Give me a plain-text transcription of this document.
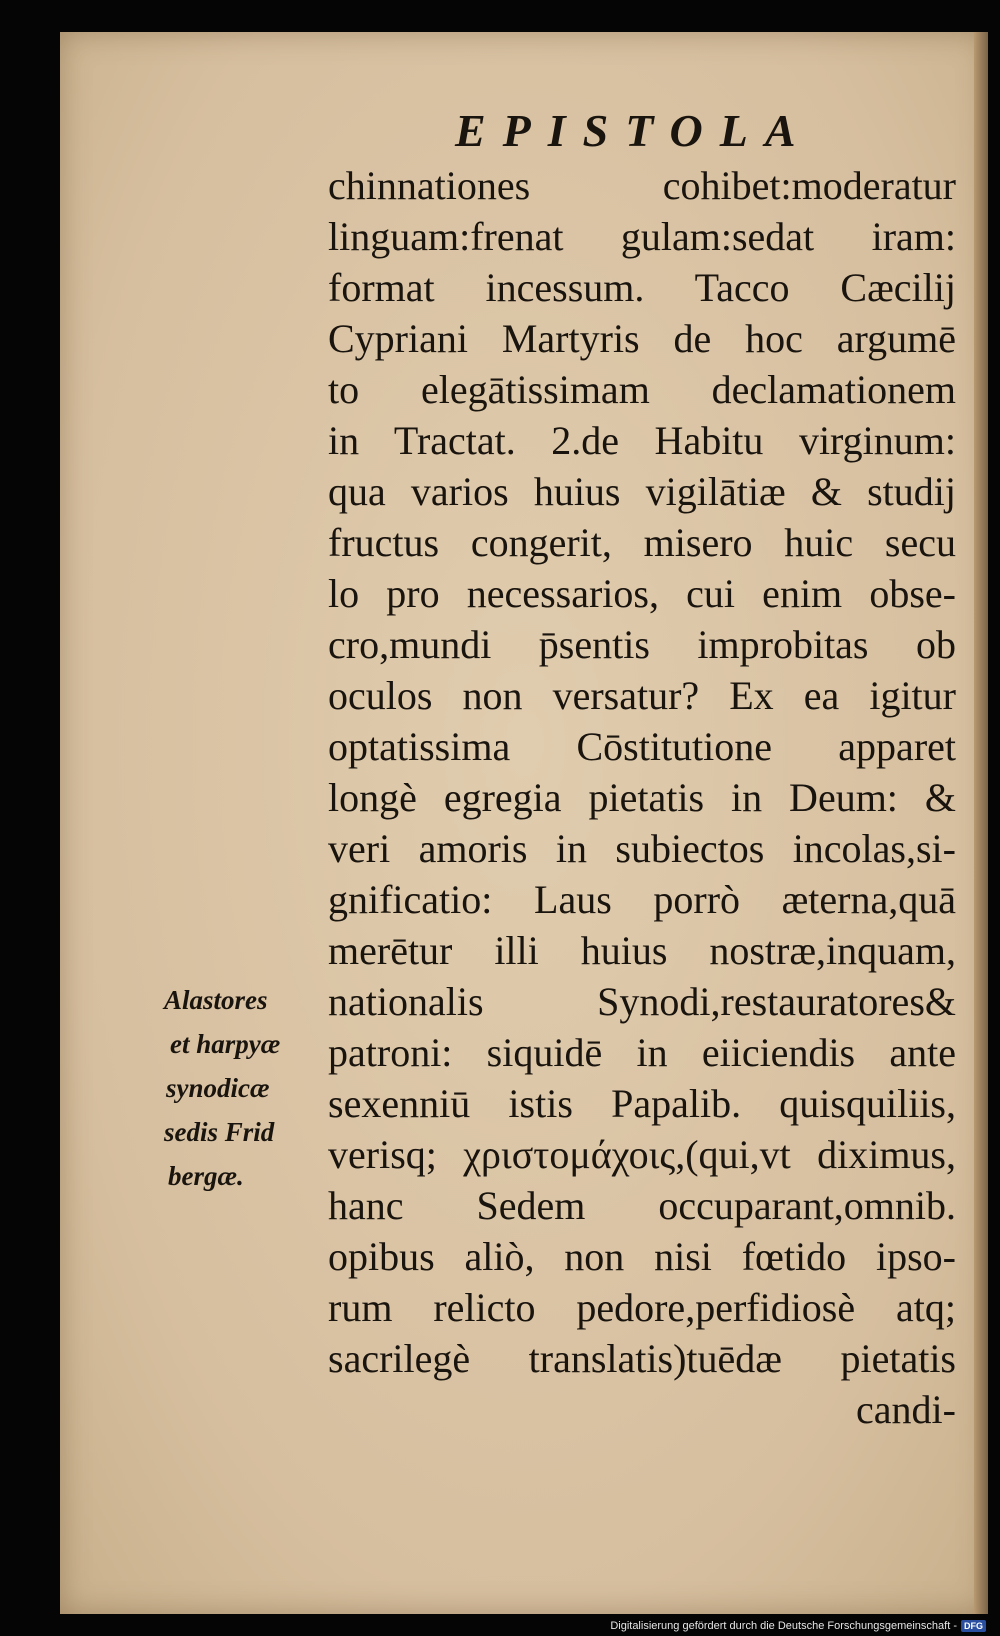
EPISTOLA
chinnationes cohibet:moderatur
linguam:frenat gulam:sedat iram:
format incessum. Tacco Cæcilij
Cypriani Martyris de hoc argumē
to elegātissimam declamationem
in Tractat. 2.de Habitu virginum:
qua varios huius vigilātiæ & studij
fructus congerit, misero huic secu
lo pro necessarios, cui enim obse-
cro,mundi p̄sentis improbitas ob
oculos non versatur? Ex ea igitur
optatissima Cōstitutione apparet
longè egregia pietatis in Deum: &
veri amoris in subiectos incolas,si-
gnificatio: Laus porrò æterna,quā
merētur illi huius nostræ,inquam,
nationalis Synodi,restauratores&
patroni: siquidē in eiiciendis ante
sexenniū istis Papalib. quisquiliis,
verisq; χριστομάχοις,(qui,vt diximus,
hanc Sedem occuparant,omnib.
opibus aliò, non nisi fœtido ipso-
rum relicto pedore,perfidiosè atq;
sacrilegè translatis)tuēdæ pietatis
candi-
Alastores
et harpyæ
synodicæ
sedis Frid
bergæ.
Digitalisierung gefördert durch die Deutsche Forschungsgemeinschaft - DFG
